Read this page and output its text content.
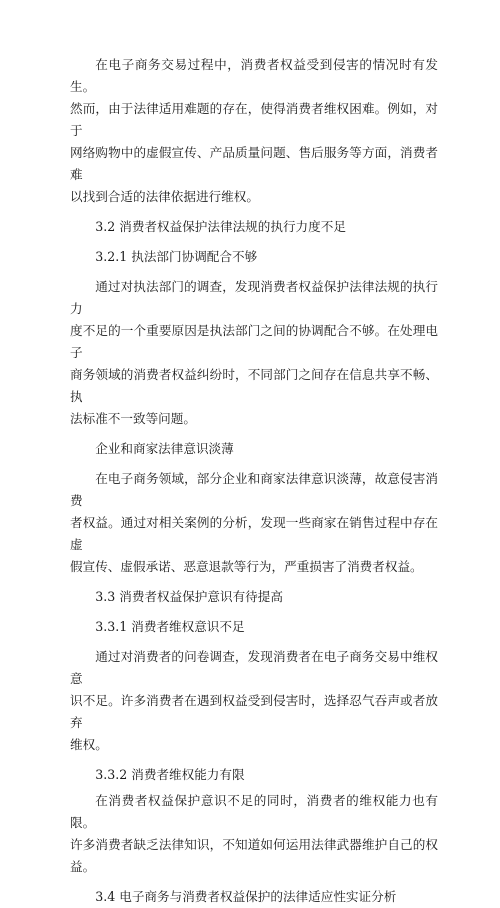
在电子商务交易过程中，消费者权益受到侵害的情况时有发生。
然而，由于法律适用难题的存在，使得消费者维权困难。例如，对于
网络购物中的虚假宣传、产品质量问题、售后服务等方面，消费者难
以找到合适的法律依据进行维权。

3.2 消费者权益保护法律法规的执行力度不足

3.2.1 执法部门协调配合不够

通过对执法部门的调查，发现消费者权益保护法律法规的执行力
度不足的一个重要原因是执法部门之间的协调配合不够。在处理电子
商务领域的消费者权益纠纷时，不同部门之间存在信息共享不畅、执
法标准不一致等问题。

企业和商家法律意识淡薄

在电子商务领域，部分企业和商家法律意识淡薄，故意侵害消费
者权益。通过对相关案例的分析，发现一些商家在销售过程中存在虚
假宣传、虚假承诺、恶意退款等行为，严重损害了消费者权益。

3.3 消费者权益保护意识有待提高

3.3.1 消费者维权意识不足

通过对消费者的问卷调查，发现消费者在电子商务交易中维权意
识不足。许多消费者在遇到权益受到侵害时，选择忍气吞声或者放弃
维权。

3.3.2 消费者维权能力有限

在消费者权益保护意识不足的同时，消费者的维权能力也有限。
许多消费者缺乏法律知识，不知道如何运用法律武器维护自己的权益。

3.4 电子商务与消费者权益保护的法律适应性实证分析
